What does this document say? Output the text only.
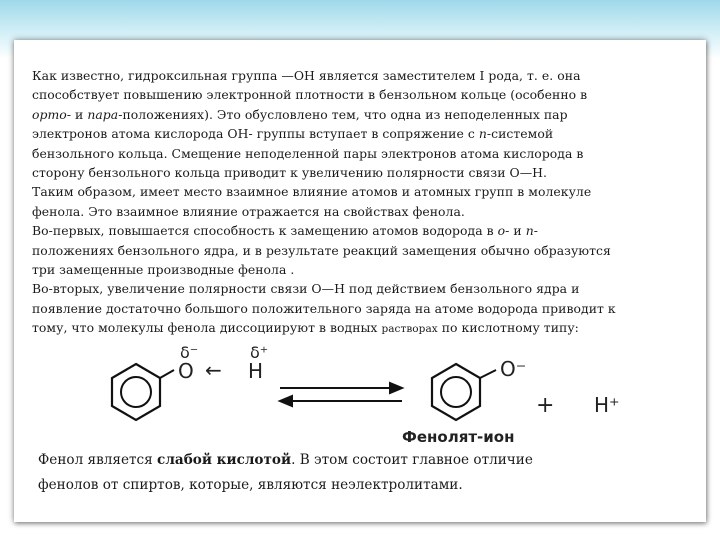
Как известно, гидроксильная группа —OH является заместителем I рода, т. е. она
способствует повышению электронной плотности в бензольном кольце (особенно в
орто- и пара-положениях). Это обусловлено тем, что одна из неподеленных пар
электронов атома кислорода ОН- группы вступает в сопряжение с п-системой
бензольного кольца. Смещение неподеленной пары электронов атома кислорода в
сторону бензольного кольца приводит к увеличению полярности связи О—Н.
Таким образом, имеет место взаимное влияние атомов и атомных групп в молекуле
фенола. Это взаимное влияние отражается на свойствах фенола.
Во-первых, повышается способность к замещению атомов водорода в о- и п-
положениях бензольного ядра, и в результате реакций замещения обычно образуются
три замещенные производные фенола .
Во-вторых, увеличение полярности связи О—Н под действием бензольного ядра и
появление достаточно большого положительного заряда на атоме водорода приводит к
тому, что молекулы фенола диссоциируют в водных растворах по кислотному типу:
δ⁻	δ⁺
O ← H	O⁻
+ H⁺
Фенолят-ион
Фенол является слабой кислотой. В этом состоит главное отличие
фенолов от спиртов, которые, являются неэлектролитами.
